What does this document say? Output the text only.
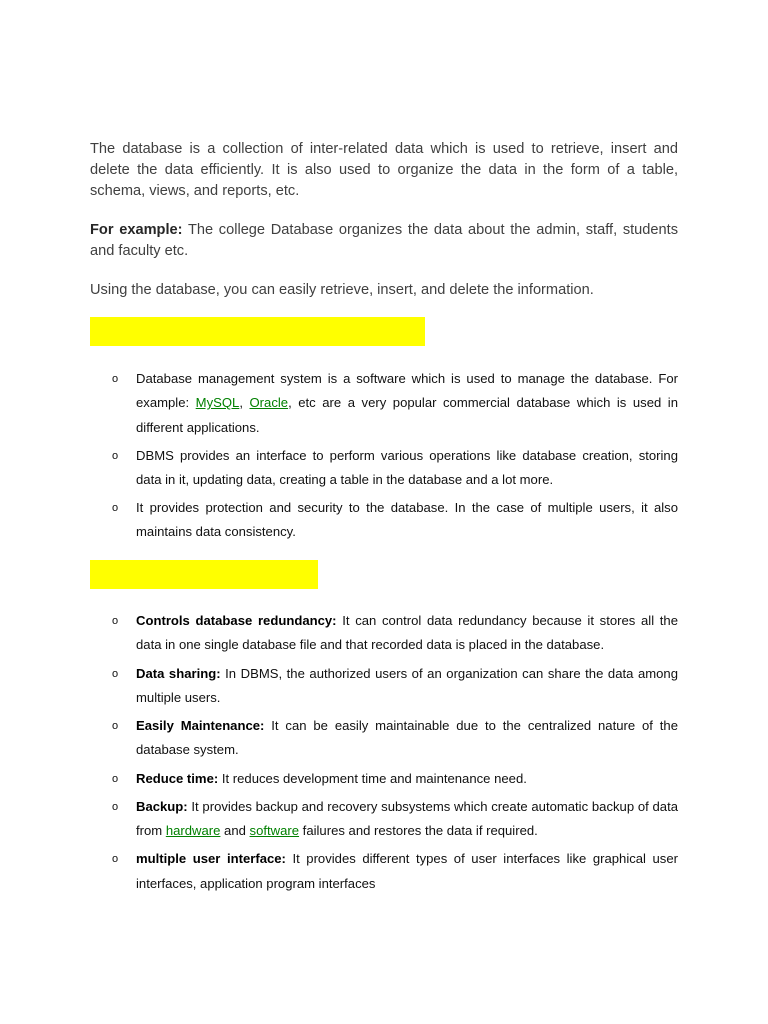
The database is a collection of inter-related data which is used to retrieve, insert and delete the data efficiently. It is also used to organize the data in the form of a table, schema, views, and reports, etc.

For example: The college Database organizes the data about the admin, staff, students and faculty etc.

Using the database, you can easily retrieve, insert, and delete the information.

o Database management system is a software which is used to manage the database. For example: MySQL, Oracle, etc are a very popular commercial database which is used in different applications.
o DBMS provides an interface to perform various operations like database creation, storing data in it, updating data, creating a table in the database and a lot more.
o It provides protection and security to the database. In the case of multiple users, it also maintains data consistency.
o Controls database redundancy: It can control data redundancy because it stores all the data in one single database file and that recorded data is placed in the database.
o Data sharing: In DBMS, the authorized users of an organization can share the data among multiple users.
o Easily Maintenance: It can be easily maintainable due to the centralized nature of the database system.
o Reduce time: It reduces development time and maintenance need.
o Backup: It provides backup and recovery subsystems which create automatic backup of data from hardware and software failures and restores the data if required.
o multiple user interface: It provides different types of user interfaces like graphical user interfaces, application program interfaces
